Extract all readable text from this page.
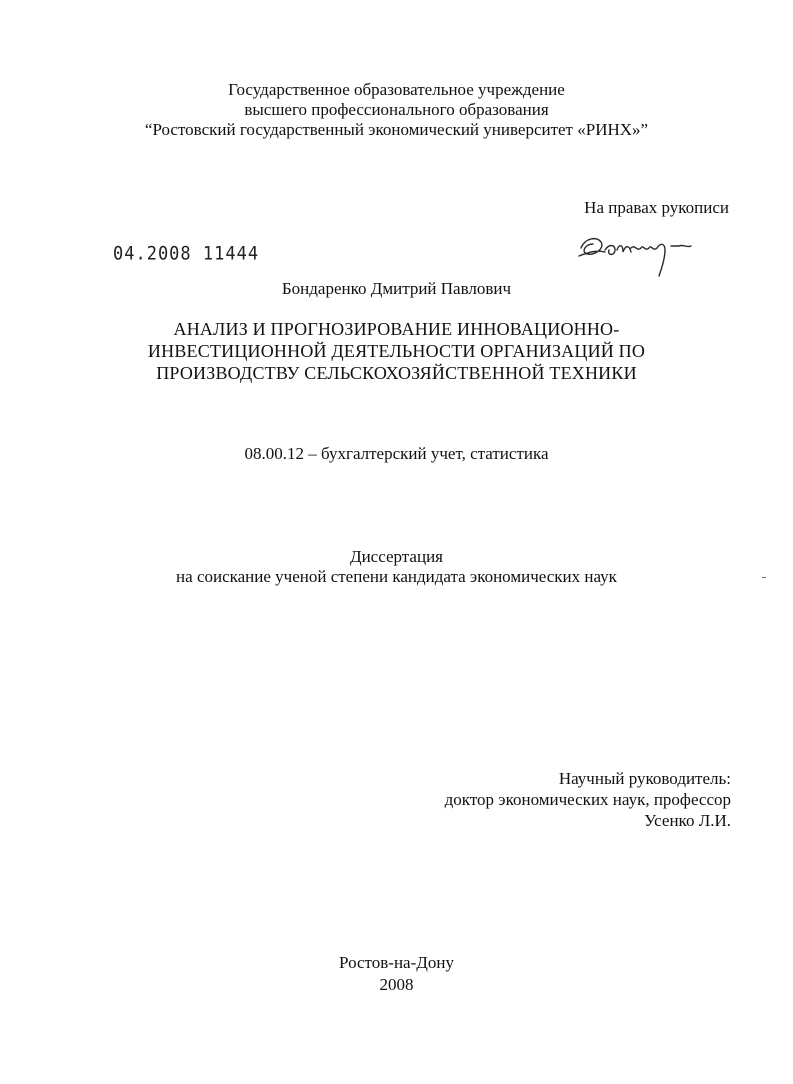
Государственное образовательное учреждение
высшего профессионального образования
“Ростовский государственный экономический университет «РИНХ»”
На правах рукописи
04.2008 11444
Бондаренко Дмитрий Павлович
АНАЛИЗ И ПРОГНОЗИРОВАНИЕ ИННОВАЦИОННО-
ИНВЕСТИЦИОННОЙ ДЕЯТЕЛЬНОСТИ ОРГАНИЗАЦИЙ ПО
ПРОИЗВОДСТВУ СЕЛЬСКОХОЗЯЙСТВЕННОЙ ТЕХНИКИ
08.00.12 – бухгалтерский учет, статистика
Диссертация
на соискание ученой степени кандидата экономических наук
Научный руководитель:
доктор экономических наук, профессор
Усенко Л.И.
Ростов-на-Дону
2008
